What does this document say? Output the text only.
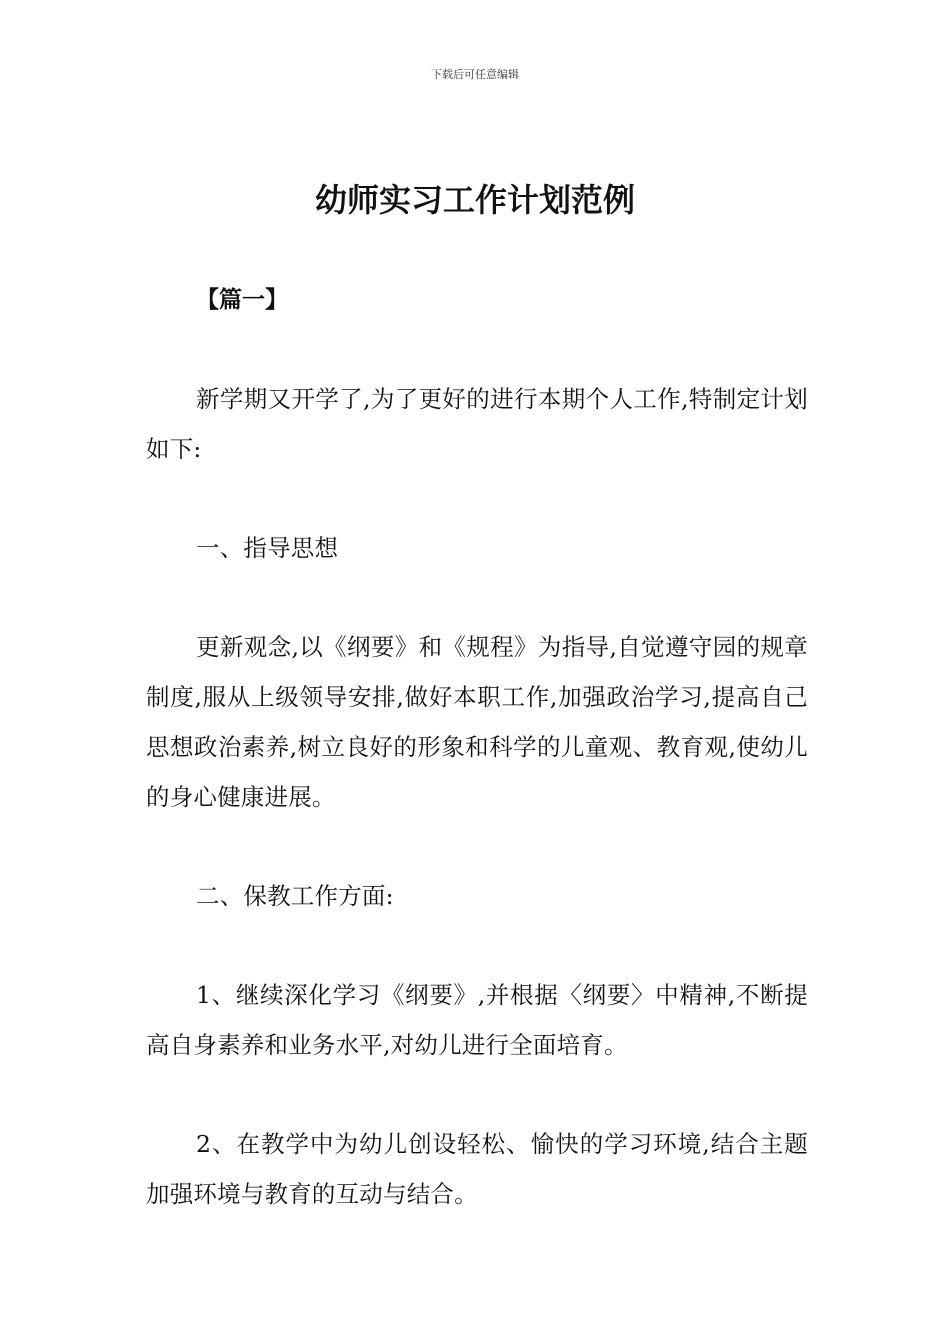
下载后可任意编辑
幼师实习工作计划范例
【篇一】

新学期又开学了,为了更好的进行本期个人工作,特制定计划如下:

一、指导思想

更新观念,以《纲要》和《规程》为指导,自觉遵守园的规章制度,服从上级领导安排,做好本职工作,加强政治学习,提高自己思想政治素养,树立良好的形象和科学的儿童观、教育观,使幼儿的身心健康进展。

二、保教工作方面:

1、继续深化学习《纲要》,并根据〈纲要〉中精神,不断提高自身素养和业务水平,对幼儿进行全面培育。

2、在教学中为幼儿创设轻松、愉快的学习环境,结合主题加强环境与教育的互动与结合。
